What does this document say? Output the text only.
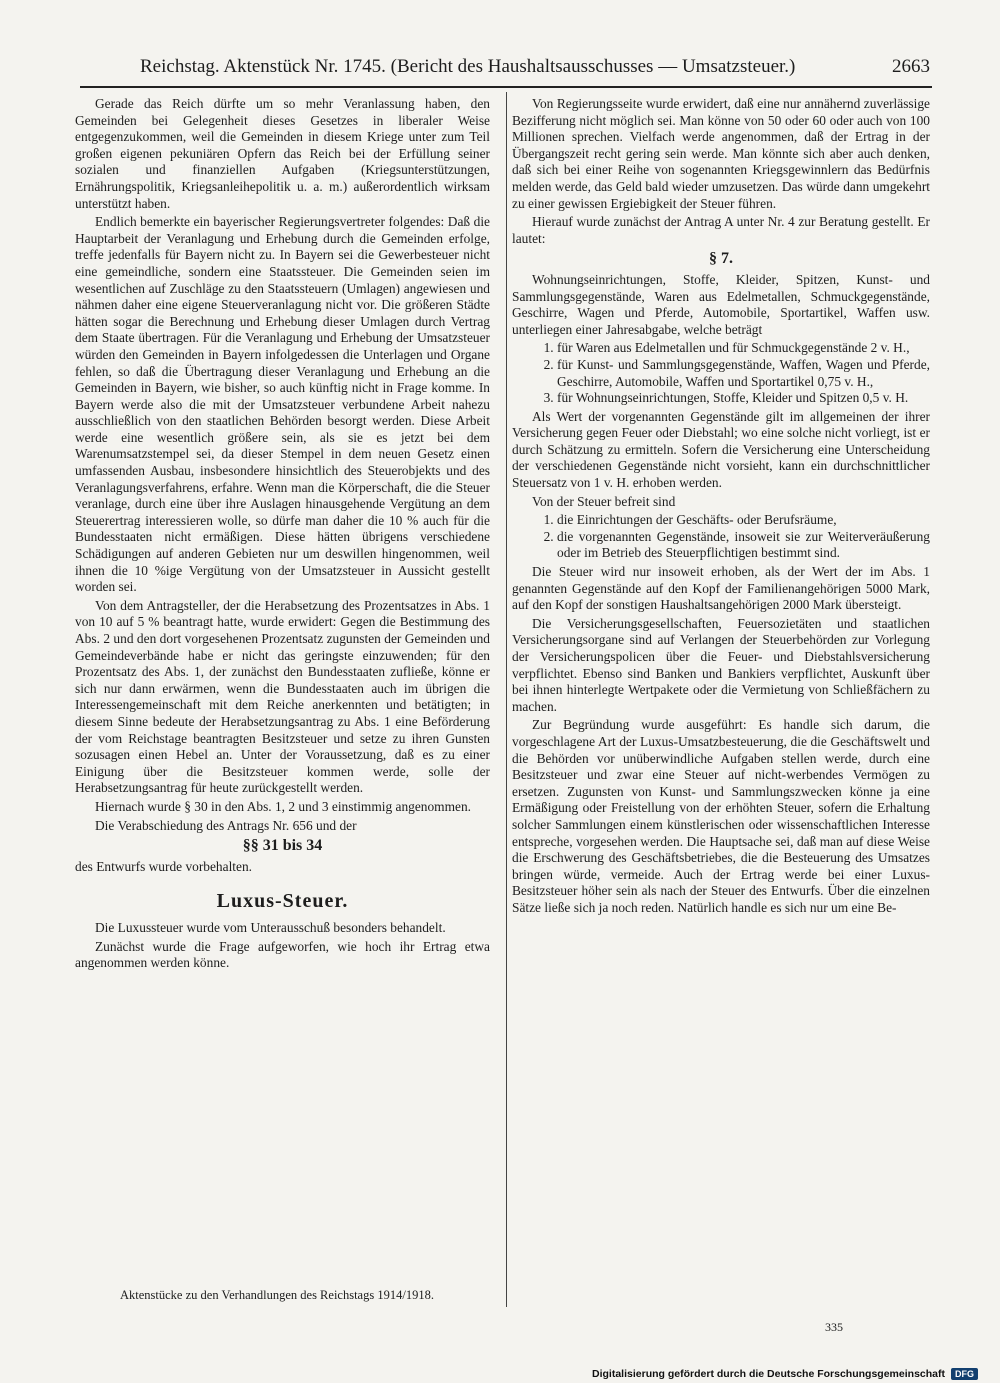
Reichstag. Aktenstück Nr. 1745. (Bericht des Haushaltsausschusses — Umsatzsteuer.)	2663

Gerade das Reich dürfte um so mehr Veranlassung haben, den Gemeinden bei Gelegenheit dieses Gesetzes in liberaler Weise entgegenzukommen, weil die Gemeinden in diesem Kriege unter zum Teil großen eigenen pekuniären Opfern das Reich bei der Erfüllung seiner sozialen und finanziellen Aufgaben (Kriegsunterstützungen, Ernährungspolitik, Kriegsanleihepolitik u. a. m.) außerordentlich wirksam unterstützt haben.

Endlich bemerkte ein bayerischer Regierungsvertreter folgendes: Daß die Hauptarbeit der Veranlagung und Erhebung durch die Gemeinden erfolge, treffe jedenfalls für Bayern nicht zu. In Bayern sei die Gewerbesteuer nicht eine gemeindliche, sondern eine Staatssteuer. Die Gemeinden seien im wesentlichen auf Zuschläge zu den Staatssteuern (Umlagen) angewiesen und nähmen daher eine eigene Steuerveranlagung nicht vor. Die größeren Städte hätten sogar die Berechnung und Erhebung dieser Umlagen durch Vertrag dem Staate übertragen. Für die Veranlagung und Erhebung der Umsatzsteuer würden den Gemeinden in Bayern infolgedessen die Unterlagen und Organe fehlen, so daß die Übertragung dieser Veranlagung und Erhebung an die Gemeinden in Bayern, wie bisher, so auch künftig nicht in Frage komme. In Bayern werde also die mit der Umsatzsteuer verbundene Arbeit nahezu ausschließlich von den staatlichen Behörden besorgt werden. Diese Arbeit werde eine wesentlich größere sein, als sie es jetzt bei dem Warenumsatzstempel sei, da dieser Stempel in dem neuen Gesetz einen umfassenden Ausbau, insbesondere hinsichtlich des Steuerobjekts und des Veranlagungsverfahrens, erfahre. Wenn man die Körperschaft, die die Steuer veranlage, durch eine über ihre Auslagen hinausgehende Vergütung an dem Steuerertrag interessieren wolle, so dürfe man daher die 10 % auch für die Bundesstaaten nicht ermäßigen. Diese hätten übrigens verschiedene Schädigungen auf anderen Gebieten nur um deswillen hingenommen, weil ihnen die 10 %ige Vergütung von der Umsatzsteuer in Aussicht gestellt worden sei.

Von dem Antragsteller, der die Herabsetzung des Prozentsatzes in Abs. 1 von 10 auf 5 % beantragt hatte, wurde erwidert: Gegen die Bestimmung des Abs. 2 und den dort vorgesehenen Prozentsatz zugunsten der Gemeinden und Gemeindeverbände habe er nicht das geringste einzuwenden; für den Prozentsatz des Abs. 1, der zunächst den Bundesstaaten zufließe, könne er sich nur dann erwärmen, wenn die Bundesstaaten auch im übrigen die Interessengemeinschaft mit dem Reiche anerkennten und betätigten; in diesem Sinne bedeute der Herabsetzungsantrag zu Abs. 1 eine Beförderung der vom Reichstage beantragten Besitzsteuer und setze zu ihren Gunsten sozusagen einen Hebel an. Unter der Voraussetzung, daß es zu einer Einigung über die Besitzsteuer kommen werde, solle der Herabsetzungsantrag für heute zurückgestellt werden.

Hiernach wurde § 30 in den Abs. 1, 2 und 3 einstimmig angenommen.

Die Verabschiedung des Antrags Nr. 656 und der

§§ 31 bis 34

des Entwurfs wurde vorbehalten.

Luxus-Steuer.

Die Luxussteuer wurde vom Unterausschuß besonders behandelt.

Zunächst wurde die Frage aufgeworfen, wie hoch ihr Ertrag etwa angenommen werden könne.

Von Regierungsseite wurde erwidert, daß eine nur annähernd zuverlässige Bezifferung nicht möglich sei. Man könne von 50 oder 60 oder auch von 100 Millionen sprechen. Vielfach werde angenommen, daß der Ertrag in der Übergangszeit recht gering sein werde. Man könnte sich aber auch denken, daß sich bei einer Reihe von sogenannten Kriegsgewinnlern das Bedürfnis melden werde, das Geld bald wieder umzusetzen. Das würde dann umgekehrt zu einer gewissen Ergiebigkeit der Steuer führen.

Hierauf wurde zunächst der Antrag A unter Nr. 4 zur Beratung gestellt. Er lautet:

§ 7.

Wohnungseinrichtungen, Stoffe, Kleider, Spitzen, Kunst- und Sammlungsgegenstände, Waren aus Edelmetallen, Schmuckgegenstände, Geschirre, Wagen und Pferde, Automobile, Sportartikel, Waffen usw. unterliegen einer Jahresabgabe, welche beträgt

1. für Waren aus Edelmetallen und für Schmuckgegenstände 2 v. H.,
2. für Kunst- und Sammlungsgegenstände, Waffen, Wagen und Pferde, Geschirre, Automobile, Waffen und Sportartikel 0,75 v. H.,
3. für Wohnungseinrichtungen, Stoffe, Kleider und Spitzen 0,5 v. H.

Als Wert der vorgenannten Gegenstände gilt im allgemeinen der ihrer Versicherung gegen Feuer oder Diebstahl; wo eine solche nicht vorliegt, ist er durch Schätzung zu ermitteln. Sofern die Versicherung eine Unterscheidung der verschiedenen Gegenstände nicht vorsieht, kann ein durchschnittlicher Steuersatz von 1 v. H. erhoben werden.

Von der Steuer befreit sind

1. die Einrichtungen der Geschäfts- oder Berufsräume,
2. die vorgenannten Gegenstände, insoweit sie zur Weiterveräußerung oder im Betrieb des Steuerpflichtigen bestimmt sind.

Die Steuer wird nur insoweit erhoben, als der Wert der im Abs. 1 genannten Gegenstände auf den Kopf der Familienangehörigen 5000 Mark, auf den Kopf der sonstigen Haushaltsangehörigen 2000 Mark übersteigt.

Die Versicherungsgesellschaften, Feuersozietäten und staatlichen Versicherungsorgane sind auf Verlangen der Steuerbehörden zur Vorlegung der Versicherungspolicen über die Feuer- und Diebstahlsversicherung verpflichtet. Ebenso sind Banken und Bankiers verpflichtet, Auskunft über bei ihnen hinterlegte Wertpakete oder die Vermietung von Schließfächern zu machen.

Zur Begründung wurde ausgeführt: Es handle sich darum, die vorgeschlagene Art der Luxus-Umsatzbesteuerung, die die Geschäftswelt und die Behörden vor unüberwindliche Aufgaben stellen werde, durch eine Besitzsteuer und zwar eine Steuer auf nicht-werbendes Vermögen zu ersetzen. Zugunsten von Kunst- und Sammlungszwecken könne ja eine Ermäßigung oder Freistellung von der erhöhten Steuer, sofern die Erhaltung solcher Sammlungen einem künstlerischen oder wissenschaftlichen Interesse entspreche, vorgesehen werden. Die Hauptsache sei, daß man auf diese Weise die Erschwerung des Geschäftsbetriebes, die die Besteuerung des Umsatzes bringen würde, vermeide. Auch der Ertrag werde bei einer Luxus-Besitzsteuer höher sein als nach der Steuer des Entwurfs. Über die einzelnen Sätze ließe sich ja noch reden. Natürlich handle es sich nur um eine Be-

Aktenstücke zu den Verhandlungen des Reichstags 1914/1918.
335
Digitalisierung gefördert durch die Deutsche Forschungsgemeinschaft	DFG
